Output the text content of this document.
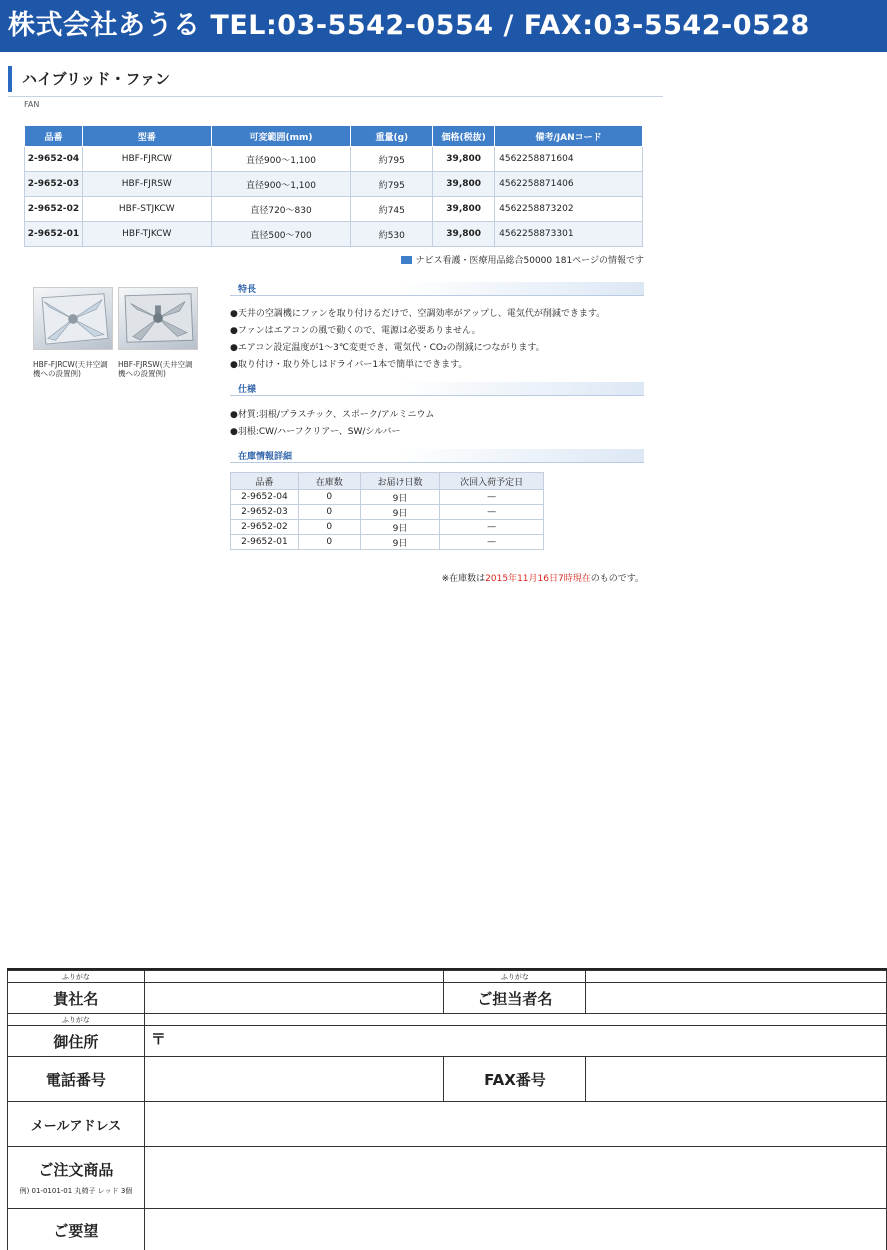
株式会社あうる TEL:03-5542-0554 / FAX:03-5542-0528
ハイブリッド・ファン
FAN
品番	型番	可変範囲(mm)	重量(g)	価格(税抜)	備考/JANコード
2-9652-04	HBF-FJRCW	直径900〜1,100	約795	39,800	4562258871604
2-9652-03	HBF-FJRSW	直径900〜1,100	約795	39,800	4562258871406
2-9652-02	HBF-STJKCW	直径720〜830	約745	39,800	4562258873202
2-9652-01	HBF-TJKCW	直径500〜700	約530	39,800	4562258873301
ナビス看護・医療用品総合50000 181ページの情報です
HBF-FJRCW(天井空調機への設置例)
HBF-FJRSW(天井空調機への設置例)
特長
●天井の空調機にファンを取り付けるだけで、空調効率がアップし、電気代が削減できます。
●ファンはエアコンの風で動くので、電源は必要ありません。
●エアコン設定温度が1〜3℃変更でき、電気代・CO₂の削減につながります。
●取り付け・取り外しはドライバー1本で簡単にできます。
仕様
●材質:羽根/プラスチック、スポーク/アルミニウム
●羽根:CW/ハーフクリアー、SW/シルバー
在庫情報詳細
品番	在庫数	お届け日数	次回入荷予定日
2-9652-04	0	9日	—
2-9652-03	0	9日	—
2-9652-02	0	9日	—
2-9652-01	0	9日	—
※在庫数は2015年11月16日7時現在のものです。
ふりがな		ふりがな	
貴社名		ご担当者名	
ふりがな			
御住所	〒		
電話番号		FAX番号	
メールアドレス			
ご注文商品
例) 01-0101-01 丸椅子 レッド 3個			

ご要望			
